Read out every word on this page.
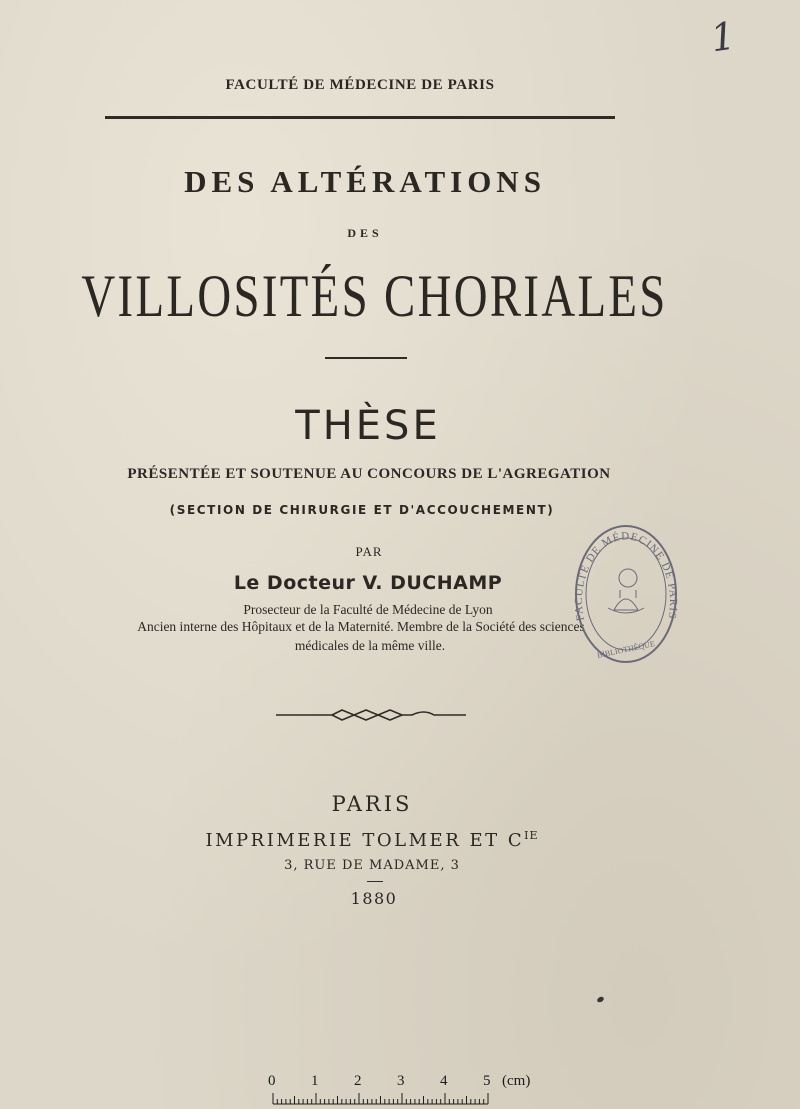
1
FACULTÉ DE MÉDECINE DE PARIS
DES ALTÉRATIONS
DES
VILLOSITÉS CHORIALES
THÈSE
PRÉSENTÉE ET SOUTENUE AU CONCOURS DE L'AGREGATION
(SECTION DE CHIRURGIE ET D'ACCOUCHEMENT)
PAR
Le Docteur V. DUCHAMP
Prosecteur de la Faculté de Médecine de Lyon
Ancien interne des Hôpitaux et de la Maternité. Membre de la Société des sciences
médicales de la même ville.
FACULTÉ DE MÉDECINE DE PARIS
BIBLIOTHÈQUE
PARIS
IMPRIMERIE TOLMER ET $C^{IE}$
3, RUE DE MADAME, 3
1880
0 1 2 3 4 5 (cm)
